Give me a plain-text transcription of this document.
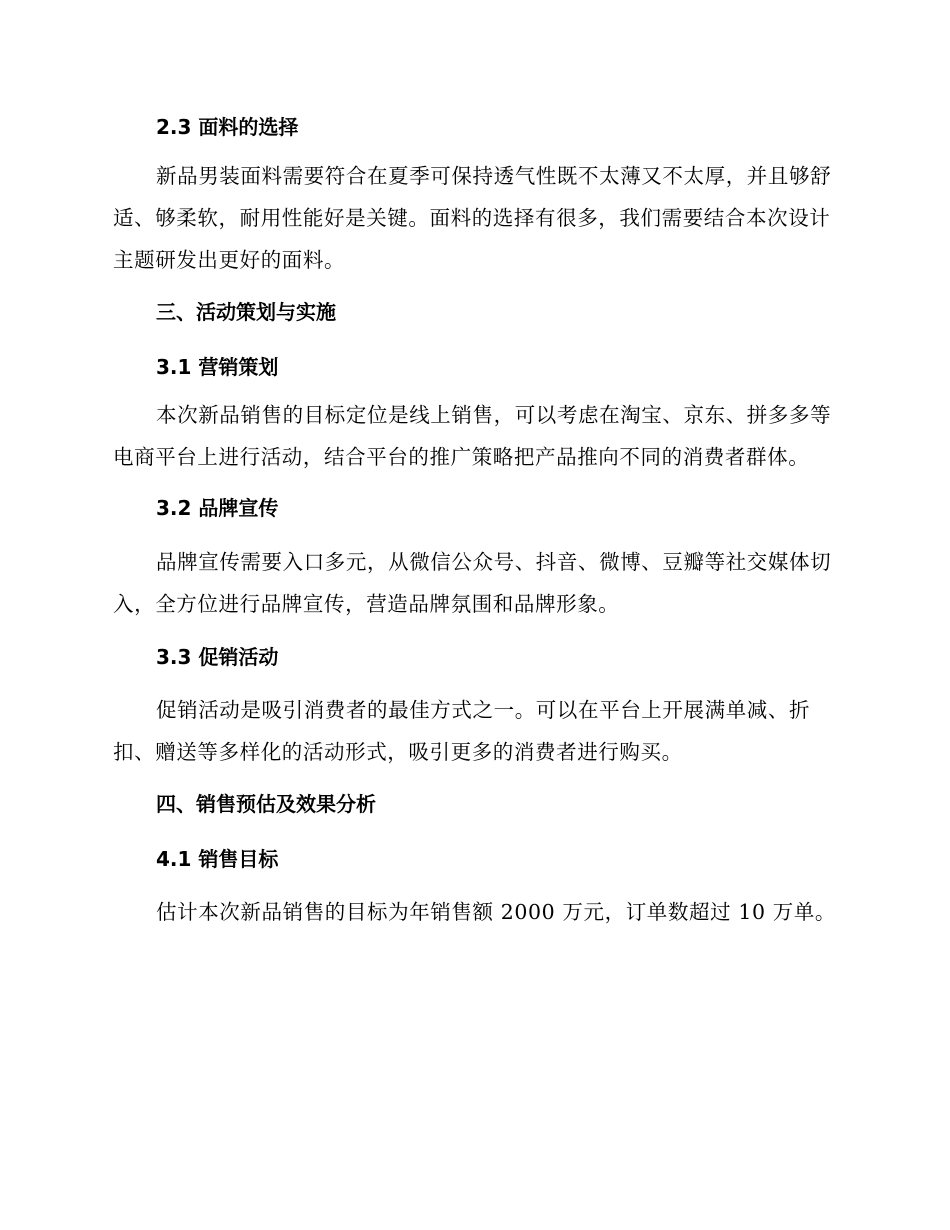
2.3 面料的选择

新品男装面料需要符合在夏季可保持透气性既不太薄又不太厚，并且够舒适、够柔软，耐用性能好是关键。面料的选择有很多，我们需要结合本次设计主题研发出更好的面料。

三、活动策划与实施
3.1 营销策划

本次新品销售的目标定位是线上销售，可以考虑在淘宝、京东、拼多多等电商平台上进行活动，结合平台的推广策略把产品推向不同的消费者群体。

3.2 品牌宣传

品牌宣传需要入口多元，从微信公众号、抖音、微博、豆瓣等社交媒体切入，全方位进行品牌宣传，营造品牌氛围和品牌形象。

3.3 促销活动

促销活动是吸引消费者的最佳方式之一。可以在平台上开展满单减、折扣、赠送等多样化的活动形式，吸引更多的消费者进行购买。

四、销售预估及效果分析
4.1 销售目标

估计本次新品销售的目标为年销售额 2000 万元，订单数超过 10 万单。
